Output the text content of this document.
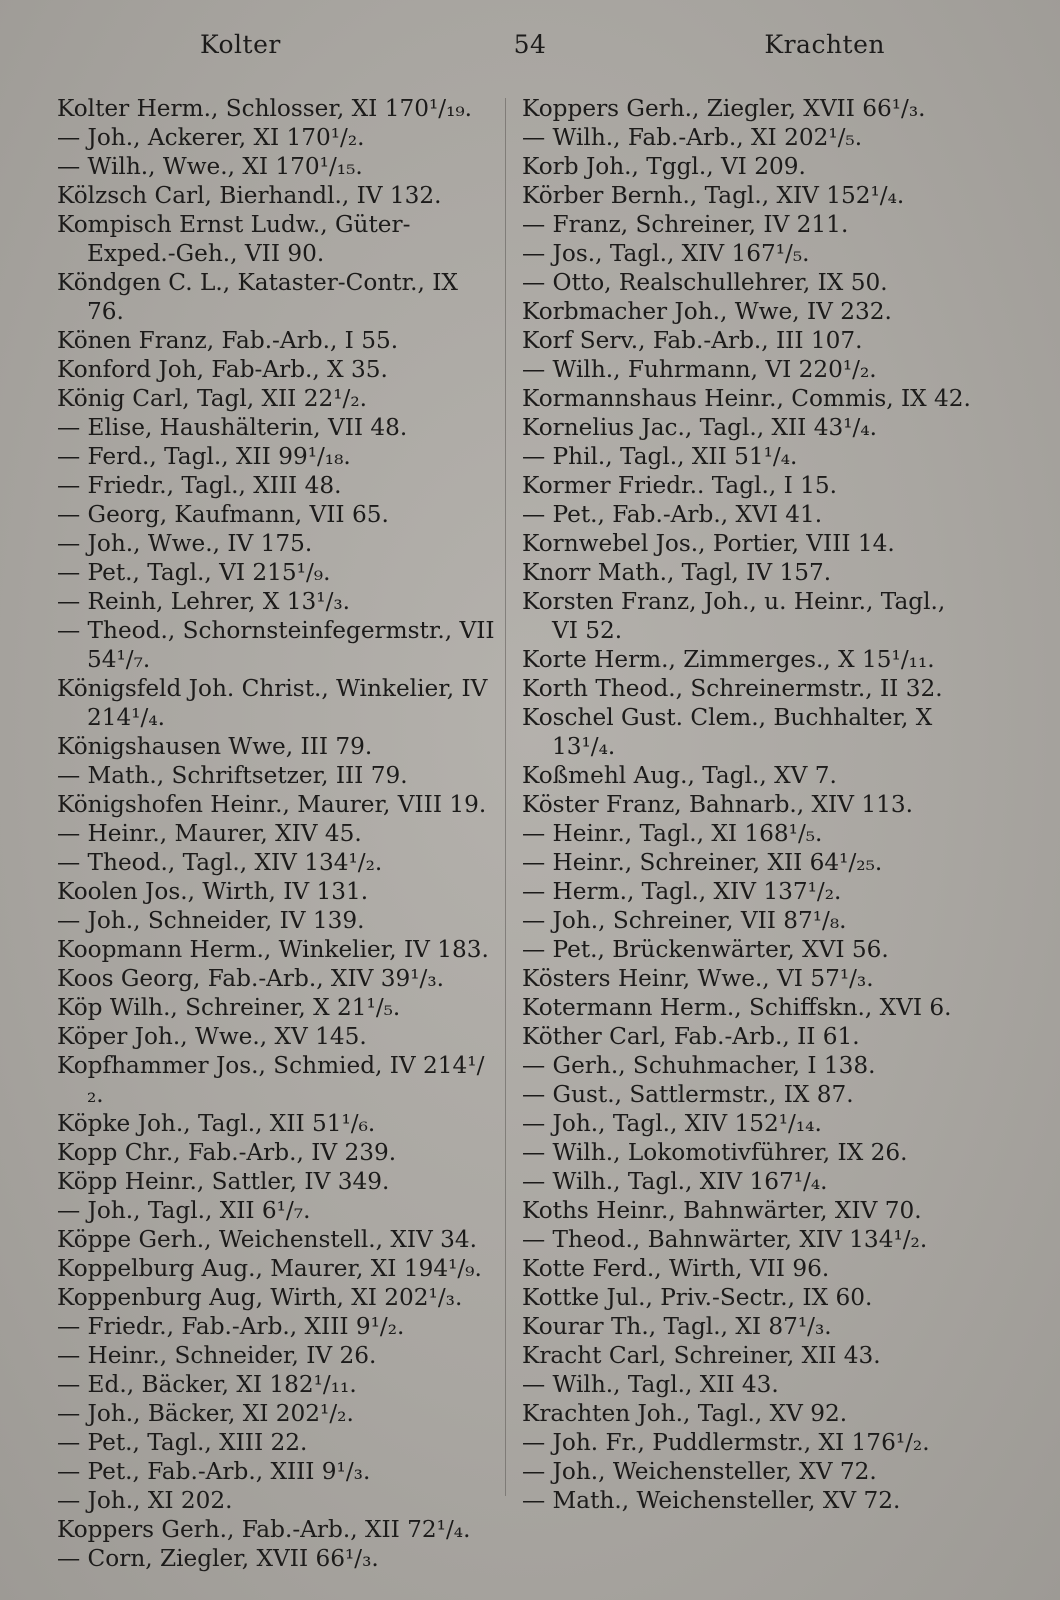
Kolter	54	Krachten
Kolter Herm., Schlosser, XI 170¹/₁₉.
— Joh., Ackerer, XI 170¹/₂.
— Wilh., Wwe., XI 170¹/₁₅.
Kölzsch Carl, Bierhandl., IV 132.
Kompisch Ernst Ludw., Güter-Exped.-Geh., VII 90.
Köndgen C. L., Kataster-Contr., IX 76.
Könen Franz, Fab.-Arb., I 55.
Konford Joh, Fab-Arb., X 35.
König Carl, Tagl, XII 22¹/₂.
— Elise, Haushälterin, VII 48.
— Ferd., Tagl., XII 99¹/₁₈.
— Friedr., Tagl., XIII 48.
— Georg, Kaufmann, VII 65.
— Joh., Wwe., IV 175.
— Pet., Tagl., VI 215¹/₉.
— Reinh, Lehrer, X 13¹/₃.
— Theod., Schornsteinfegermstr., VII 54¹/₇.
Königsfeld Joh. Christ., Winkelier, IV 214¹/₄.
Königshausen Wwe, III 79.
— Math., Schriftsetzer, III 79.
Königshofen Heinr., Maurer, VIII 19.
— Heinr., Maurer, XIV 45.
— Theod., Tagl., XIV 134¹/₂.
Koolen Jos., Wirth, IV 131.
— Joh., Schneider, IV 139.
Koopmann Herm., Winkelier, IV 183.
Koos Georg, Fab.-Arb., XIV 39¹/₃.
Köp Wilh., Schreiner, X 21¹/₅.
Köper Joh., Wwe., XV 145.
Kopfhammer Jos., Schmied, IV 214¹/₂.
Köpke Joh., Tagl., XII 51¹/₆.
Kopp Chr., Fab.-Arb., IV 239.
Köpp Heinr., Sattler, IV 349.
— Joh., Tagl., XII 6¹/₇.
Köppe Gerh., Weichenstell., XIV 34.
Koppelburg Aug., Maurer, XI 194¹/₉.
Koppenburg Aug, Wirth, XI 202¹/₃.
— Friedr., Fab.-Arb., XIII 9¹/₂.
— Heinr., Schneider, IV 26.
— Ed., Bäcker, XI 182¹/₁₁.
— Joh., Bäcker, XI 202¹/₂.
— Pet., Tagl., XIII 22.
— Pet., Fab.-Arb., XIII 9¹/₃.
— Joh., XI 202.
Koppers Gerh., Fab.-Arb., XII 72¹/₄.
— Corn, Ziegler, XVII 66¹/₃.
Koppers Gerh., Ziegler, XVII 66¹/₃.
— Wilh., Fab.-Arb., XI 202¹/₅.
Korb Joh., Tggl., VI 209.
Körber Bernh., Tagl., XIV 152¹/₄.
— Franz, Schreiner, IV 211.
— Jos., Tagl., XIV 167¹/₅.
— Otto, Realschullehrer, IX 50.
Korbmacher Joh., Wwe, IV 232.
Korf Serv., Fab.-Arb., III 107.
— Wilh., Fuhrmann, VI 220¹/₂.
Kormannshaus Heinr., Commis, IX 42.
Kornelius Jac., Tagl., XII 43¹/₄.
— Phil., Tagl., XII 51¹/₄.
Kormer Friedr.. Tagl., I 15.
— Pet., Fab.-Arb., XVI 41.
Kornwebel Jos., Portier, VIII 14.
Knorr Math., Tagl, IV 157.
Korsten Franz, Joh., u. Heinr., Tagl., VI 52.
Korte Herm., Zimmerges., X 15¹/₁₁.
Korth Theod., Schreinermstr., II 32.
Koschel Gust. Clem., Buchhalter, X 13¹/₄.
Koßmehl Aug., Tagl., XV 7.
Köster Franz, Bahnarb., XIV 113.
— Heinr., Tagl., XI 168¹/₅.
— Heinr., Schreiner, XII 64¹/₂₅.
— Herm., Tagl., XIV 137¹/₂.
— Joh., Schreiner, VII 87¹/₈.
— Pet., Brückenwärter, XVI 56.
Kösters Heinr, Wwe., VI 57¹/₃.
Kotermann Herm., Schiffskn., XVI 6.
Köther Carl, Fab.-Arb., II 61.
— Gerh., Schuhmacher, I 138.
— Gust., Sattlermstr., IX 87.
— Joh., Tagl., XIV 152¹/₁₄.
— Wilh., Lokomotivführer, IX 26.
— Wilh., Tagl., XIV 167¹/₄.
Koths Heinr., Bahnwärter, XIV 70.
— Theod., Bahnwärter, XIV 134¹/₂.
Kotte Ferd., Wirth, VII 96.
Kottke Jul., Priv.-Sectr., IX 60.
Kourar Th., Tagl., XI 87¹/₃.
Kracht Carl, Schreiner, XII 43.
— Wilh., Tagl., XII 43.
Krachten Joh., Tagl., XV 92.
— Joh. Fr., Puddlermstr., XI 176¹/₂.
— Joh., Weichensteller, XV 72.
— Math., Weichensteller, XV 72.
